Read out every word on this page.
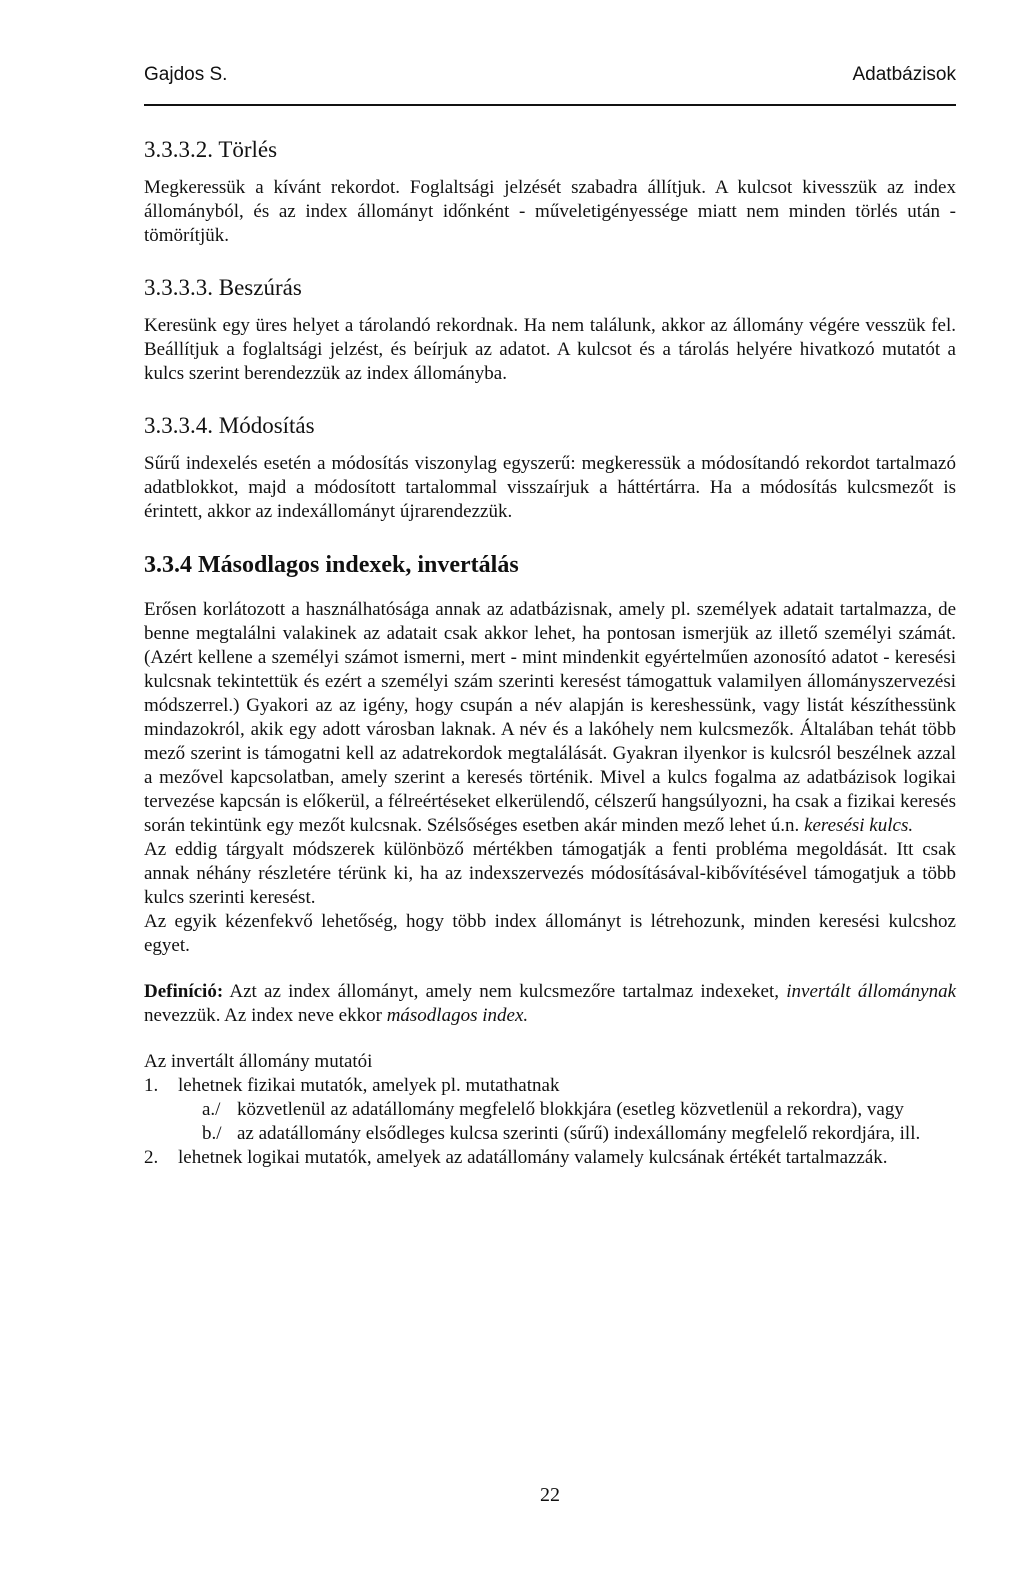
Gajdos S.	Adatbázisok
3.3.3.2. Törlés

Megkeressük a kívánt rekordot. Foglaltsági jelzését szabadra állítjuk. A kulcsot kivesszük az index állományból, és az index állományt időnként - műveletigényessége miatt nem minden törlés után - tömörítjük.

3.3.3.3. Beszúrás

Keresünk egy üres helyet a tárolandó rekordnak. Ha nem találunk, akkor az állomány végére vesszük fel. Beállítjuk a foglaltsági jelzést, és beírjuk az adatot. A kulcsot és a tárolás helyére hivatkozó mutatót a kulcs szerint berendezzük az index állományba.

3.3.3.4. Módosítás

Sűrű indexelés esetén a módosítás viszonylag egyszerű: megkeressük a módosítandó rekordot tartalmazó adatblokkot, majd a módosított tartalommal visszaírjuk a háttértárra. Ha a módosítás kulcsmezőt is érintett, akkor az indexállományt újrarendezzük.

3.3.4 Másodlagos indexek, invertálás

Erősen korlátozott a használhatósága annak az adatbázisnak, amely pl. személyek adatait tartalmazza, de benne megtalálni valakinek az adatait csak akkor lehet, ha pontosan ismerjük az illető személyi számát. (Azért kellene a személyi számot ismerni, mert - mint mindenkit egyértelműen azonosító adatot - keresési kulcsnak tekintettük és ezért a személyi szám szerinti keresést támogattuk valamilyen állományszervezési módszerrel.) Gyakori az az igény, hogy csupán a név alapján is kereshessünk, vagy listát készíthessünk mindazokról, akik egy adott városban laknak. A név és a lakóhely nem kulcsmezők. Általában tehát több mező szerint is támogatni kell az adatrekordok megtalálását. Gyakran ilyenkor is kulcsról beszélnek azzal a mezővel kapcsolatban, amely szerint a keresés történik. Mivel a kulcs fogalma az adatbázisok logikai tervezése kapcsán is előkerül, a félreértéseket elkerülendő, célszerű hangsúlyozni, ha csak a fizikai keresés során tekintünk egy mezőt kulcsnak. Szélsőséges esetben akár minden mező lehet ú.n. keresési kulcs.

Az eddig tárgyalt módszerek különböző mértékben támogatják a fenti probléma megoldását. Itt csak annak néhány részletére térünk ki, ha az indexszervezés módosításával-kibővítésével támogatjuk a több kulcs szerinti keresést.

Az egyik kézenfekvő lehetőség, hogy több index állományt is létrehozunk, minden keresési kulcshoz egyet.

Definíció: Azt az index állományt, amely nem kulcsmezőre tartalmaz indexeket, invertált állománynak nevezzük. Az index neve ekkor másodlagos index.

Az invertált állomány mutatói

1. lehetnek fizikai mutatók, amelyek pl. mutathatnak
a./ közvetlenül az adatállomány megfelelő blokkjára (esetleg közvetlenül a rekordra), vagy
b./ az adatállomány elsődleges kulcsa szerinti (sűrű) indexállomány megfelelő rekordjára, ill.
2. lehetnek logikai mutatók, amelyek az adatállomány valamely kulcsának értékét tartalmazzák.
22
